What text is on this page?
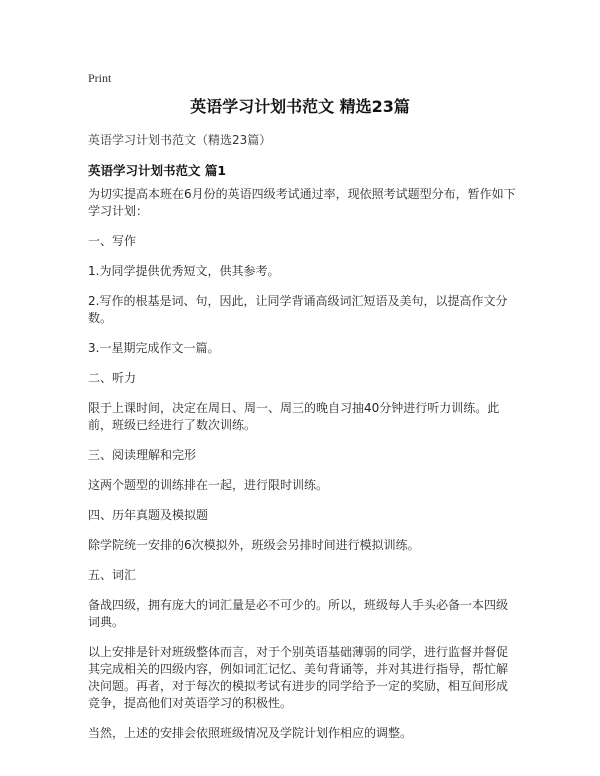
Print
英语学习计划书范文 精选23篇
英语学习计划书范文（精选23篇）
英语学习计划书范文 篇1

为切实提高本班在6月份的英语四级考试通过率，现依照考试题型分布，暂作如下学习计划：

一、写作

1.为同学提供优秀短文，供其参考。

2.写作的根基是词、句，因此，让同学背诵高级词汇短语及美句，以提高作文分数。

3.一星期完成作文一篇。

二、听力

限于上课时间，决定在周日、周一、周三的晚自习抽40分钟进行听力训练。此前，班级已经进行了数次训练。

三、阅读理解和完形

这两个题型的训练排在一起，进行限时训练。

四、历年真题及模拟题

除学院统一安排的6次模拟外，班级会另排时间进行模拟训练。

五、词汇

备战四级，拥有庞大的词汇量是必不可少的。所以，班级每人手头必备一本四级词典。

以上安排是针对班级整体而言，对于个别英语基础薄弱的同学，进行监督并督促其完成相关的四级内容，例如词汇记忆、美句背诵等，并对其进行指导，帮忙解决问题。再者，对于每次的模拟考试有进步的同学给予一定的奖励，相互间形成竞争，提高他们对英语学习的积极性。

当然，上述的安排会依照班级情况及学院计划作相应的调整。
